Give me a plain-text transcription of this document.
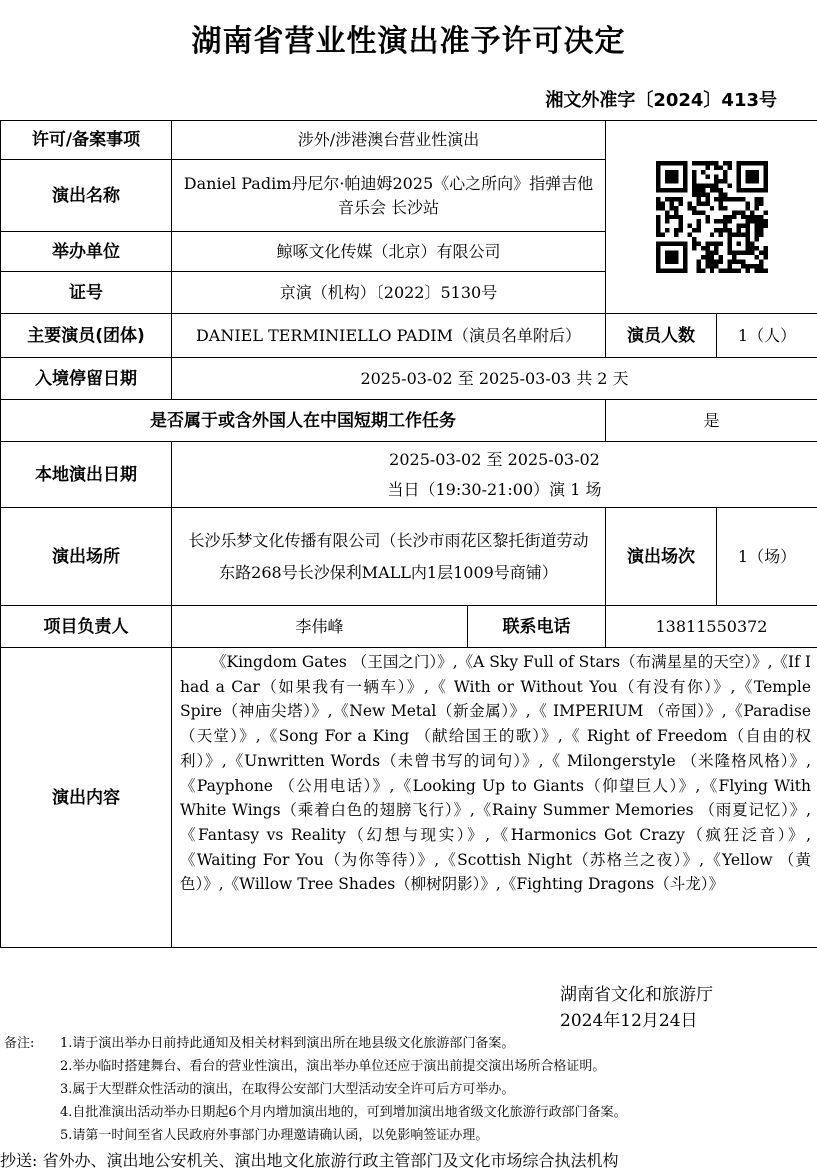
湖南省营业性演出准予许可决定
湘文外准字〔2024〕413号
许可/备案事项	涉外/涉港澳台营业性演出	

演出名称	Daniel Padim丹尼尔·帕迪姆2025《心之所向》指弹吉他音乐会 长沙站			
举办单位	鲸啄文化传媒（北京）有限公司			
证号	京演（机构）〔2022〕5130号			
主要演员(团体)	DANIEL TERMINIELLO PADIM（演员名单附后）		演员人数	1（人）
入境停留日期	2025-03-02 至 2025-03-03 共 2 天			
是否属于或含外国人在中国短期工作任务			是	
本地演出日期	2025-03-02 至 2025-03-02
当日（19:30-21:00）演 1 场			

演出场所	长沙乐梦文化传播有限公司（长沙市雨花区黎托街道劳动东路268号长沙保利MALL内1层1009号商铺）		演出场次	1（场）
项目负责人	李伟峰	联系电话	13811550372	
演出内容	《Kingdom Gates （王国之门）》,《A Sky Full of Stars（布满星星的天空）》,《If I had a Car（如果我有一辆车）》,《 With or Without You（有没有你）》,《Temple Spire（神庙尖塔）》,《New Metal（新金属）》,《 IMPERIUM （帝国）》,《Paradise（天堂）》,《Song For a King （献给国王的歌）》,《 Right of Freedom（自由的权利）》,《Unwritten Words（未曾书写的词句）》,《 Milongerstyle （米隆格风格）》,《Payphone （公用电话）》,《Looking Up to Giants（仰望巨人）》,《Flying With White Wings（乘着白色的翅膀飞行）》,《Rainy Summer Memories （雨夏记忆）》,《Fantasy vs Reality（幻想与现实）》,《Harmonics Got Crazy（疯狂泛音）》,《Waiting For You（为你等待）》,《Scottish Night（苏格兰之夜）》,《Yellow （黄色）》,《Willow Tree Shades（柳树阴影）》,《Fighting Dragons（斗龙）》			

湖南省文化和旅游厅
2024年12月24日
备注: 1.请于演出举办日前持此通知及相关材料到演出所在地县级文化旅游部门备案。
2.举办临时搭建舞台、看台的营业性演出，演出举办单位还应于演出前提交演出场所合格证明。
3.属于大型群众性活动的演出，在取得公安部门大型活动安全许可后方可举办。
4.自批准演出活动举办日期起6个月内增加演出地的，可到增加演出地省级文化旅游行政部门备案。
5.请第一时间至省人民政府外事部门办理邀请确认函，以免影响签证办理。
抄送: 省外办、演出地公安机关、演出地文化旅游行政主管部门及文化市场综合执法机构
